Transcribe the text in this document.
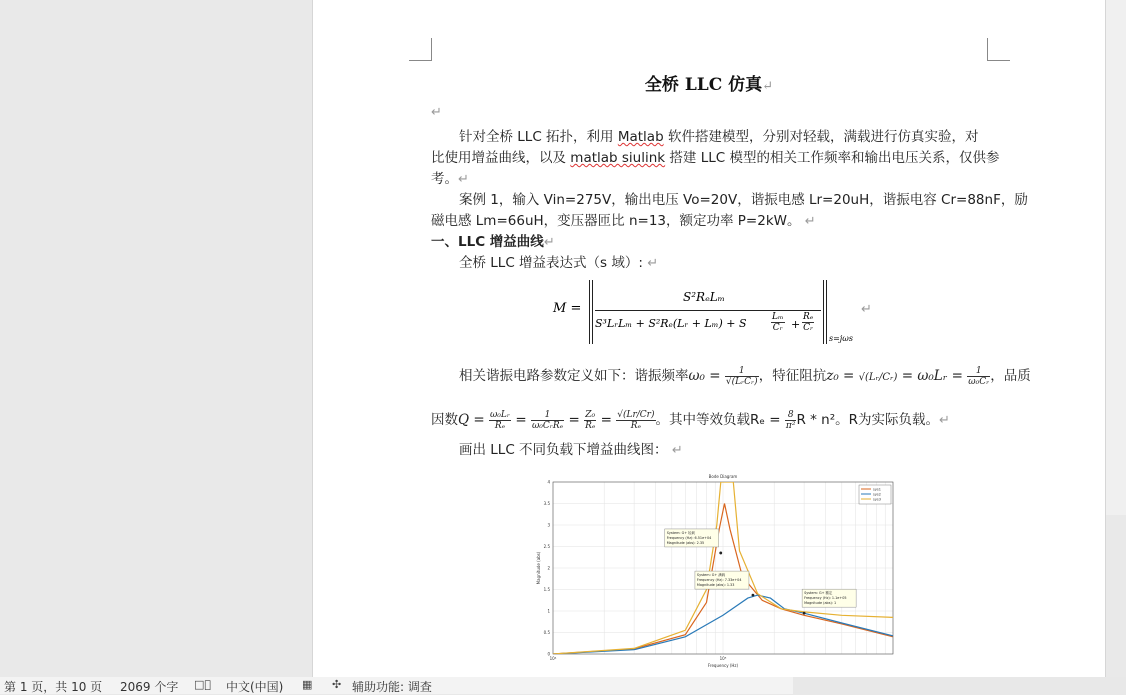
全桥 LLC 仿真↵
↵
针对全桥 LLC 拓扑，利用 Matlab 软件搭建模型，分别对轻载，满载进行仿真实验，对
比使用增益曲线，以及 matlab siulink 搭建 LLC 模型的相关工作频率和输出电压关系，仅供参
考。↵
案例 1，输入 Vin=275V，输出电压 Vo=20V，谐振电感 Lr=20uH，谐振电容 Cr=88nF，励
磁电感 Lm=66uH，变压器匝比 n=13，额定功率 P=2kW。 ↵
一、LLC 增益曲线↵
全桥 LLC 增益表达式（s 域）: ↵
M =
S²RₑLₘ
S³LᵣLₘ + S²Rₑ(Lᵣ + Lₘ) + S	$\frac{\text{Lₘ}}{\text{Cᵣ}} + \frac{\text{Rₑ}}{\text{Cᵣ}}$
s=jωs
↵
相关谐振电路参数定义如下：谐振频率$\omega_0 = \frac{1}{\text{√(LᵣCᵣ)}}$ ，特征阻抗z₀ = √(Lᵣ/Cᵣ) = ω₀Lᵣ = $\frac{1}{\text{ω₀Cᵣ}}$ ，品质
因数$Q = \frac{\text{ω₀Lᵣ}}{\text{Rₑ}} = \frac{1}{\text{ω₀CᵣRₑ}} = \frac{\text{Z₀}}{\text{Rₑ}} = \frac{√(Lr/Cr)}{\text{Rₑ}}$ 。其中等效负载$R_e = \frac{8}{\text{π²}}$ R * n²。R为实际负载。↵
画出 LLC 不同负载下增益曲线图： ↵
Bode Diagram
0
0.5
1
1.5
2
2.5
3
3.5
4
10⁴	10⁵
Frequency (Hz)
Magnitude (abs)
sys1
sys2
sys3
System: G+ 轻载
Frequency (Hz): 6.51e+04
Magnitude (abs): 2.35
System: G+ 满载
Frequency (Hz): 7.33e+04
Magnitude (abs): 1.33
System: G+ 额定
Frequency (Hz): 1.1e+05
Magnitude (abs): 1
第 1 页，共 10 页 2069 个字 □⃝ 中文(中国) ▦ ✣ 辅助功能: 调查
